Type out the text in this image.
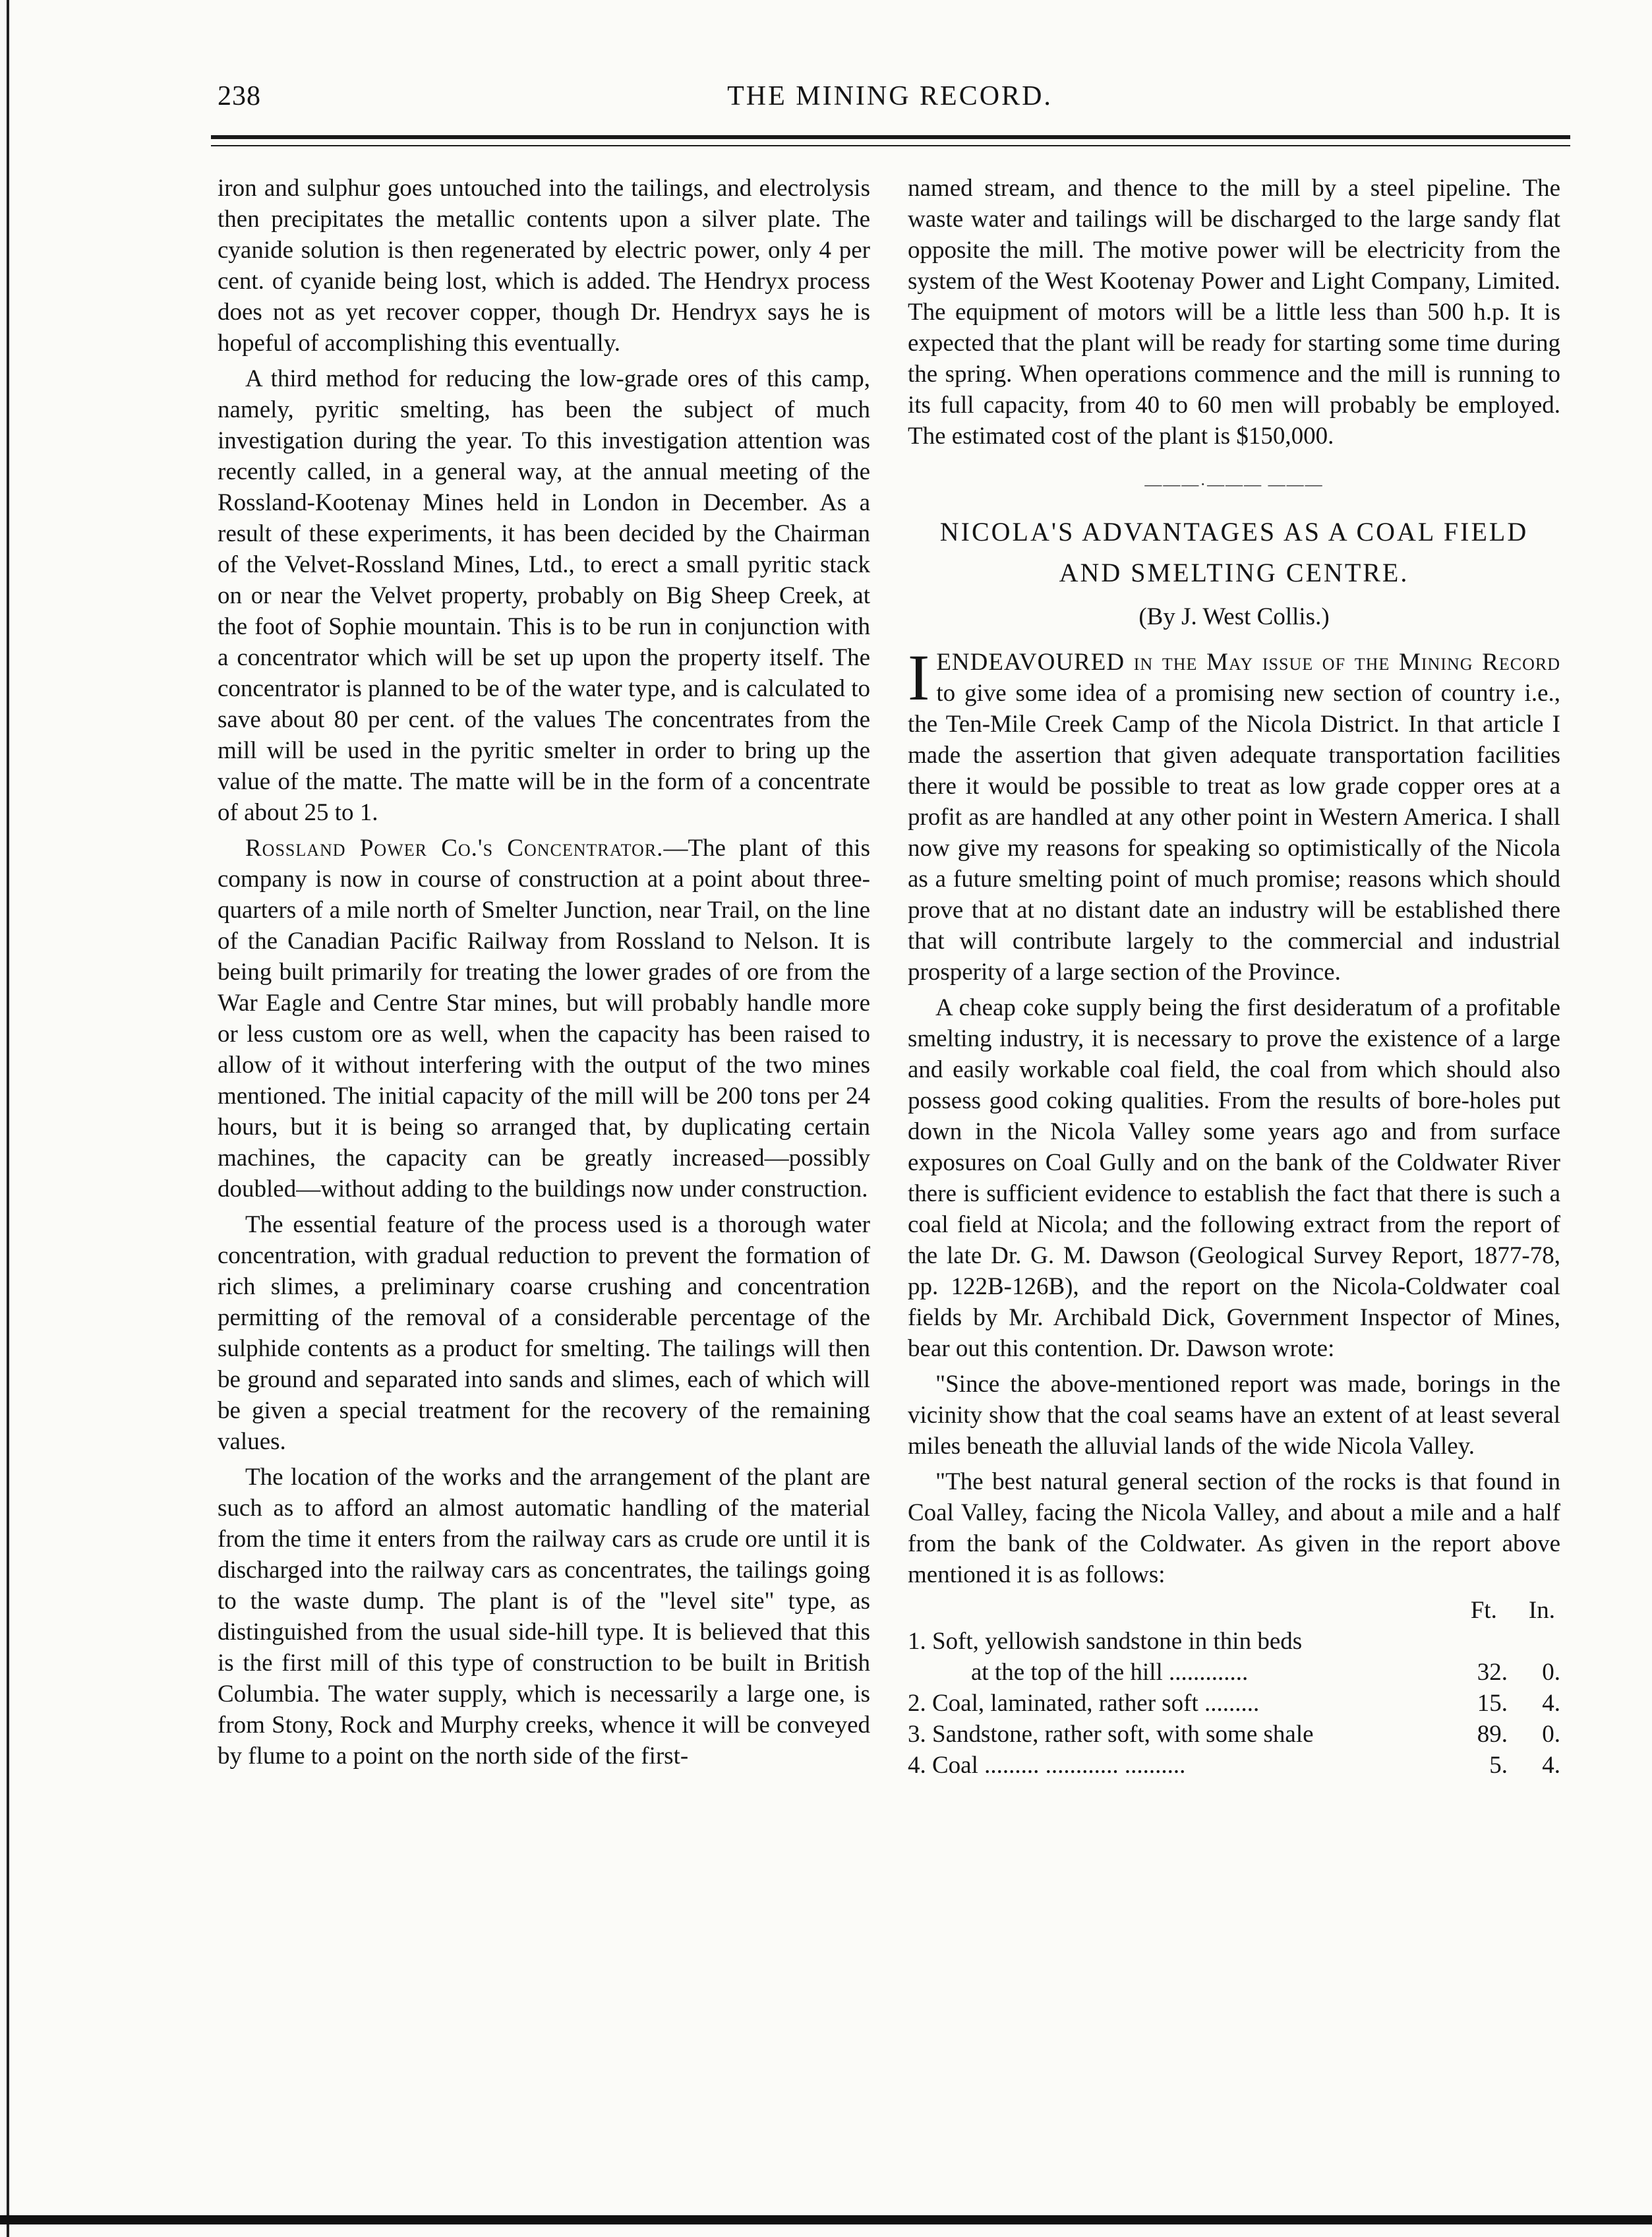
238	THE MINING RECORD.

iron and sulphur goes untouched into the tailings, and electrolysis then precipitates the metallic contents upon a silver plate. The cyanide solution is then regenerated by electric power, only 4 per cent. of cyanide being lost, which is added. The Hendryx process does not as yet recover copper, though Dr. Hendryx says he is hopeful of accomplishing this eventually.

A third method for reducing the low-grade ores of this camp, namely, pyritic smelting, has been the subject of much investigation during the year. To this investigation attention was recently called, in a general way, at the annual meeting of the Rossland-Kootenay Mines held in London in December. As a result of these experiments, it has been decided by the Chairman of the Velvet-Rossland Mines, Ltd., to erect a small pyritic stack on or near the Velvet property, probably on Big Sheep Creek, at the foot of Sophie mountain. This is to be run in conjunction with a concentrator which will be set up upon the property itself. The concentrator is planned to be of the water type, and is calculated to save about 80 per cent. of the values The concentrates from the mill will be used in the pyritic smelter in order to bring up the value of the matte. The matte will be in the form of a concentrate of about 25 to 1.

Rossland Power Co.'s Concentrator.—The plant of this company is now in course of construction at a point about three-quarters of a mile north of Smelter Junction, near Trail, on the line of the Canadian Pacific Railway from Rossland to Nelson. It is being built primarily for treating the lower grades of ore from the War Eagle and Centre Star mines, but will probably handle more or less custom ore as well, when the capacity has been raised to allow of it without interfering with the output of the two mines mentioned. The initial capacity of the mill will be 200 tons per 24 hours, but it is being so arranged that, by duplicating certain machines, the capacity can be greatly increased—possibly doubled—without adding to the buildings now under construction.

The essential feature of the process used is a thorough water concentration, with gradual reduction to prevent the formation of rich slimes, a preliminary coarse crushing and concentration permitting of the removal of a considerable percentage of the sulphide contents as a product for smelting. The tailings will then be ground and separated into sands and slimes, each of which will be given a special treatment for the recovery of the remaining values.

The location of the works and the arrangement of the plant are such as to afford an almost automatic handling of the material from the time it enters from the railway cars as crude ore until it is discharged into the railway cars as concentrates, the tailings going to the waste dump. The plant is of the "level site" type, as distinguished from the usual side-hill type. It is believed that this is the first mill of this type of construction to be built in British Columbia. The water supply, which is necessarily a large one, is from Stony, Rock and Murphy creeks, whence it will be conveyed by flume to a point on the north side of the first-

named stream, and thence to the mill by a steel pipeline. The waste water and tailings will be discharged to the large sandy flat opposite the mill. The motive power will be electricity from the system of the West Kootenay Power and Light Company, Limited. The equipment of motors will be a little less than 500 h.p. It is expected that the plant will be ready for starting some time during the spring. When operations commence and the mill is running to its full capacity, from 40 to 60 men will probably be employed. The estimated cost of the plant is $150,000.

———·——— ———
NICOLA'S ADVANTAGES AS A COAL FIELD
AND SMELTING CENTRE.
(By J. West Collis.)

IENDEAVOURED in the May issue of the Mining Record to give some idea of a promising new section of country i.e., the Ten-Mile Creek Camp of the Nicola District. In that article I made the assertion that given adequate transportation facilities there it would be possible to treat as low grade copper ores at a profit as are handled at any other point in Western America. I shall now give my reasons for speaking so optimistically of the Nicola as a future smelting point of much promise; reasons which should prove that at no distant date an industry will be established there that will contribute largely to the commercial and industrial prosperity of a large section of the Province.

A cheap coke supply being the first desideratum of a profitable smelting industry, it is necessary to prove the existence of a large and easily workable coal field, the coal from which should also possess good coking qualities. From the results of bore-holes put down in the Nicola Valley some years ago and from surface exposures on Coal Gully and on the bank of the Coldwater River there is sufficient evidence to establish the fact that there is such a coal field at Nicola; and the following extract from the report of the late Dr. G. M. Dawson (Geological Survey Report, 1877-78, pp. 122B-126B), and the report on the Nicola-Coldwater coal fields by Mr. Archibald Dick, Government Inspector of Mines, bear out this contention. Dr. Dawson wrote:

"Since the above-mentioned report was made, borings in the vicinity show that the coal seams have an extent of at least several miles beneath the alluvial lands of the wide Nicola Valley.

"The best natural general section of the rocks is that found in Coal Valley, facing the Nicola Valley, and about a mile and a half from the bank of the Coldwater. As given in the report above mentioned it is as follows:

Ft. In.
1. Soft, yellowish sandstone in thin beds
at the top of the hill .............	32.	0.
2. Coal, laminated, rather soft .........	15.	4.
3. Sandstone, rather soft, with some shale	89.	0.
4. Coal ......... ............ ..........	5.	4.
